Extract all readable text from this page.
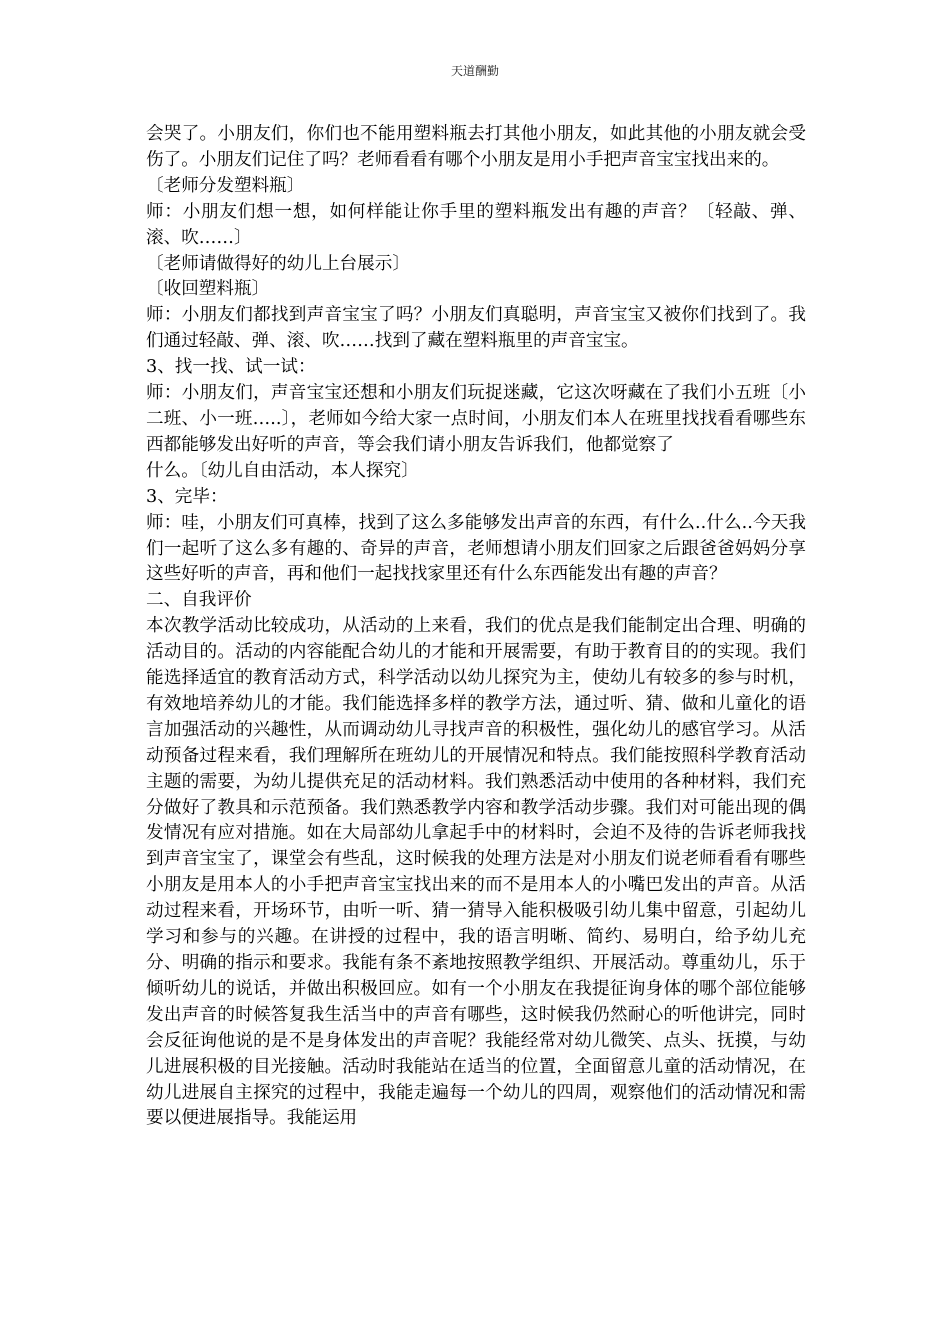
天道酬勤

会哭了。小朋友们，你们也不能用塑料瓶去打其他小朋友，如此其他的小朋友就会受伤了。小朋友们记住了吗？老师看看有哪个小朋友是用小手把声音宝宝找出来的。

〔老师分发塑料瓶〕

师：小朋友们想一想，如何样能让你手里的塑料瓶发出有趣的声音？〔轻敲、弹、滚、吹……〕

〔老师请做得好的幼儿上台展示〕

〔收回塑料瓶〕

师：小朋友们都找到声音宝宝了吗？小朋友们真聪明，声音宝宝又被你们找到了。我们通过轻敲、弹、滚、吹……找到了藏在塑料瓶里的声音宝宝。

3、找一找、试一试：

师：小朋友们，声音宝宝还想和小朋友们玩捉迷藏，它这次呀藏在了我们小五班〔小二班、小一班…..〕，老师如今给大家一点时间，小朋友们本人在班里找找看看哪些东西都能够发出好听的声音，等会我们请小朋友告诉我们，他都觉察了

什么。〔幼儿自由活动，本人探究〕

3、完毕：

师：哇，小朋友们可真棒，找到了这么多能够发出声音的东西，有什么..什么..今天我们一起听了这么多有趣的、奇异的声音，老师想请小朋友们回家之后跟爸爸妈妈分享这些好听的声音，再和他们一起找找家里还有什么东西能发出有趣的声音？

二、自我评价

本次教学活动比较成功，从活动的上来看，我们的优点是我们能制定出合理、明确的活动目的。活动的内容能配合幼儿的才能和开展需要，有助于教育目的的实现。我们能选择适宜的教育活动方式，科学活动以幼儿探究为主，使幼儿有较多的参与时机，有效地培养幼儿的才能。我们能选择多样的教学方法，通过听、猜、做和儿童化的语言加强活动的兴趣性，从而调动幼儿寻找声音的积极性，强化幼儿的感官学习。从活动预备过程来看，我们理解所在班幼儿的开展情况和特点。我们能按照科学教育活动主题的需要，为幼儿提供充足的活动材料。我们熟悉活动中使用的各种材料，我们充分做好了教具和示范预备。我们熟悉教学内容和教学活动步骤。我们对可能出现的偶发情况有应对措施。如在大局部幼儿拿起手中的材料时，会迫不及待的告诉老师我找到声音宝宝了，课堂会有些乱，这时候我的处理方法是对小朋友们说老师看看有哪些小朋友是用本人的小手把声音宝宝找出来的而不是用本人的小嘴巴发出的声音。从活动过程来看，开场环节，由听一听、猜一猜导入能积极吸引幼儿集中留意，引起幼儿学习和参与的兴趣。在讲授的过程中，我的语言明晰、简约、易明白，给予幼儿充分、明确的指示和要求。我能有条不紊地按照教学组织、开展活动。尊重幼儿，乐于倾听幼儿的说话，并做出积极回应。如有一个小朋友在我提征询身体的哪个部位能够发出声音的时候答复我生活当中的声音有哪些，这时候我仍然耐心的听他讲完，同时会反征询他说的是不是身体发出的声音呢？我能经常对幼儿微笑、点头、抚摸，与幼儿进展积极的目光接触。活动时我能站在适当的位置，全面留意儿童的活动情况，在幼儿进展自主探究的过程中，我能走遍每一个幼儿的四周，观察他们的活动情况和需要以便进展指导。我能运用
